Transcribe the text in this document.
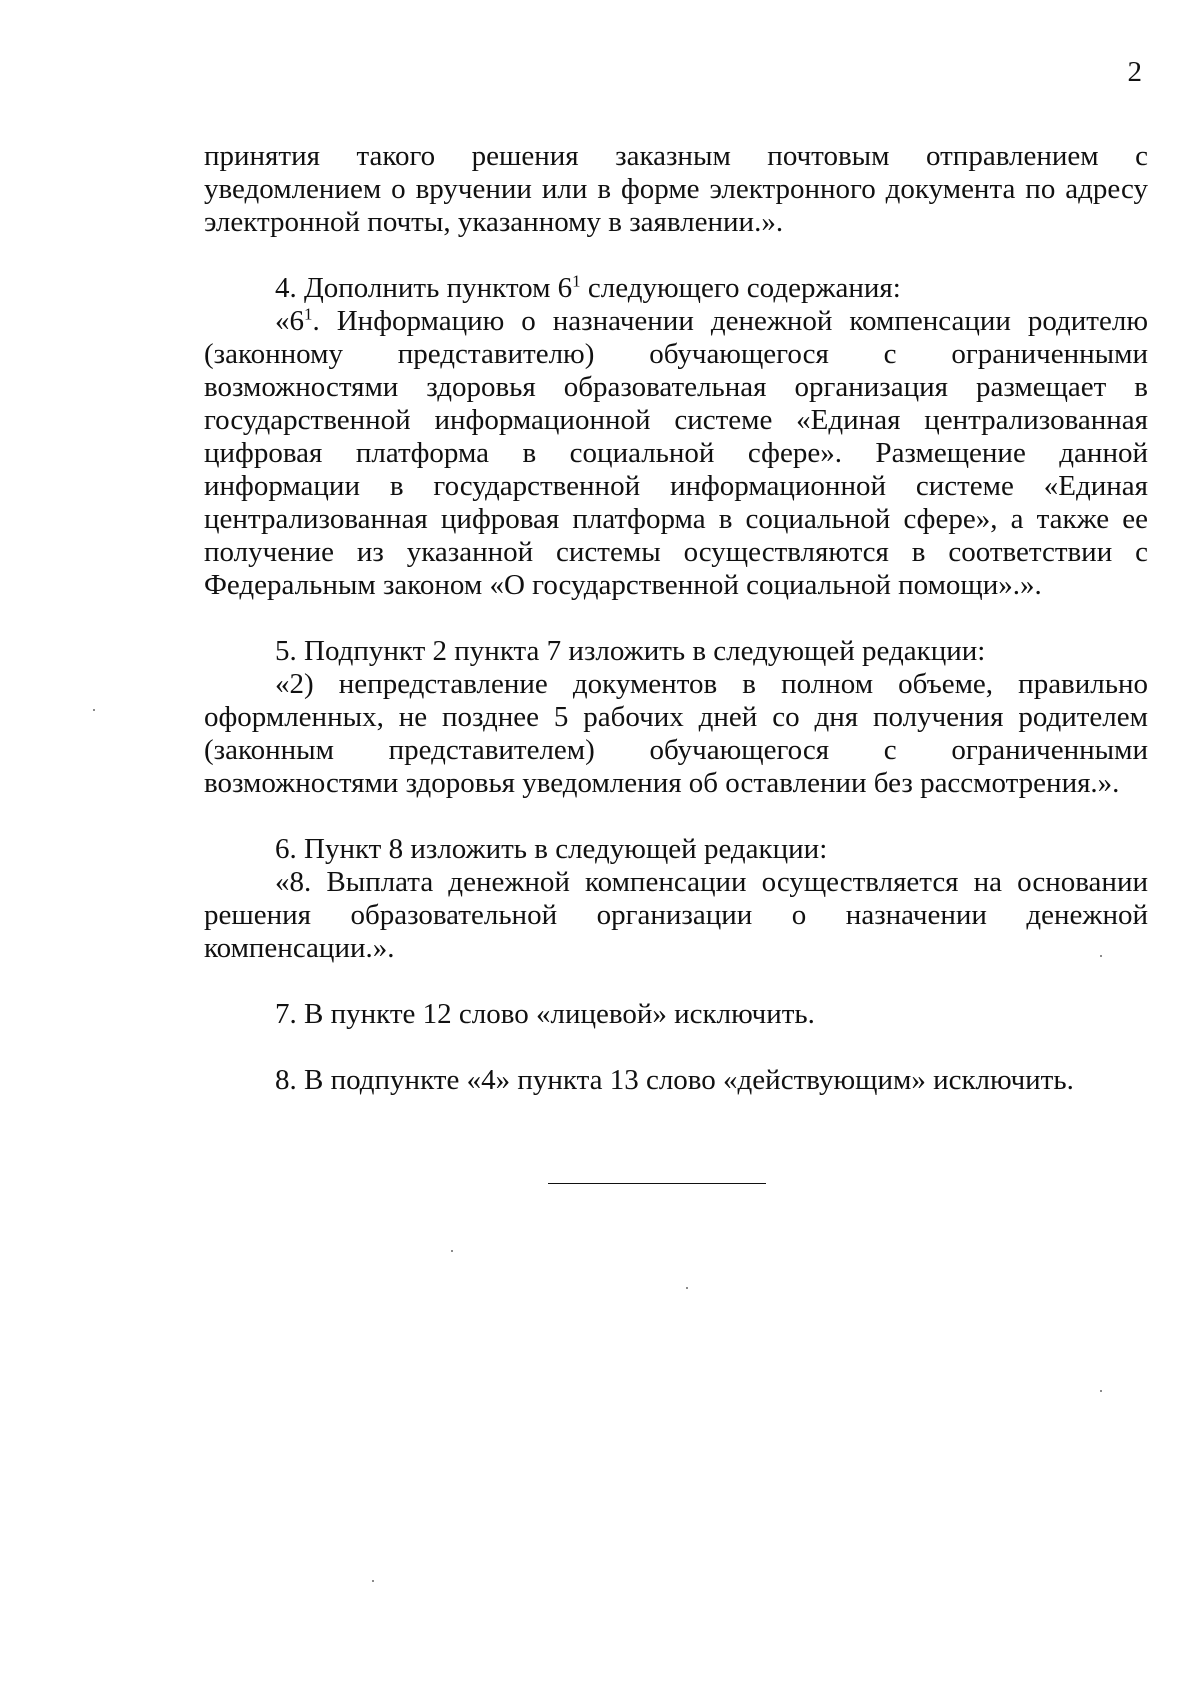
2

принятия такого решения заказным почтовым отправлением с уведомлением о вручении или в форме электронного документа по адресу электронной почты, указанному в заявлении.».

4. Дополнить пунктом $6^1$ следующего содержания:

«$6^1$. Информацию о назначении денежной компенсации родителю (законному представителю) обучающегося с ограниченными возможностями здоровья образовательная организация размещает в государственной информационной системе «Единая централизованная цифровая платформа в социальной сфере». Размещение данной информации в государственной информационной системе «Единая централизованная цифровая платформа в социальной сфере», а также ее получение из указанной системы осуществляются в соответствии с Федеральным законом «О государственной социальной помощи».».

5. Подпункт 2 пункта 7 изложить в следующей редакции:

«2) непредставление документов в полном объеме, правильно оформленных, не позднее 5 рабочих дней со дня получения родителем (законным представителем) обучающегося с ограниченными возможностями здоровья уведомления об оставлении без рассмотрения.».

6. Пункт 8 изложить в следующей редакции:

«8. Выплата денежной компенсации осуществляется на основании решения образовательной организации о назначении денежной компенсации.».

7. В пункте 12 слово «лицевой» исключить.

8. В подпункте «4» пункта 13 слово «действующим» исключить.
